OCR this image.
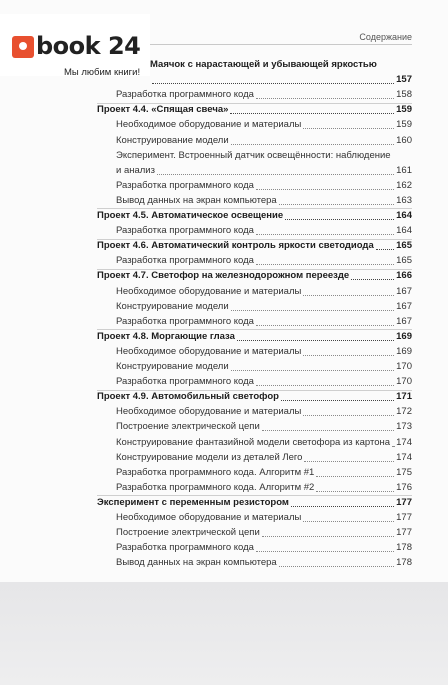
book 24
Мы любим книги!
Содержание
Маячок с нарастающей и убывающей яркостью
157
Разработка программного кода	158
Проект 4.4. «Спящая свеча»	159
Необходимое оборудование и материалы	159
Конструирование модели	160
Эксперимент. Встроенный датчик освещённости: наблюдение
и анализ	161
Разработка программного кода	162
Вывод данных на экран компьютера	163
Проект 4.5. Автоматическое освещение	164
Разработка программного кода	164
Проект 4.6. Автоматический контроль яркости светодиода 165
Разработка программного кода	165
Проект 4.7. Светофор на железнодорожном переезде	166
Необходимое оборудование и материалы	167
Конструирование модели	167
Разработка программного кода	167
Проект 4.8. Моргающие глаза	169
Необходимое оборудование и материалы	169
Конструирование модели	170
Разработка программного кода	170
Проект 4.9. Автомобильный светофор	171
Необходимое оборудование и материалы	172
Построение электрической цепи	173
Конструирование фантазийной модели светофора из картона 174
Конструирование модели из деталей Лего	174
Разработка программного кода. Алгоритм #1	175
Разработка программного кода. Алгоритм #2	176
Эксперимент с переменным резистором	177
Необходимое оборудование и материалы	177
Построение электрической цепи	177
Разработка программного кода	178
Вывод данных на экран компьютера	178
